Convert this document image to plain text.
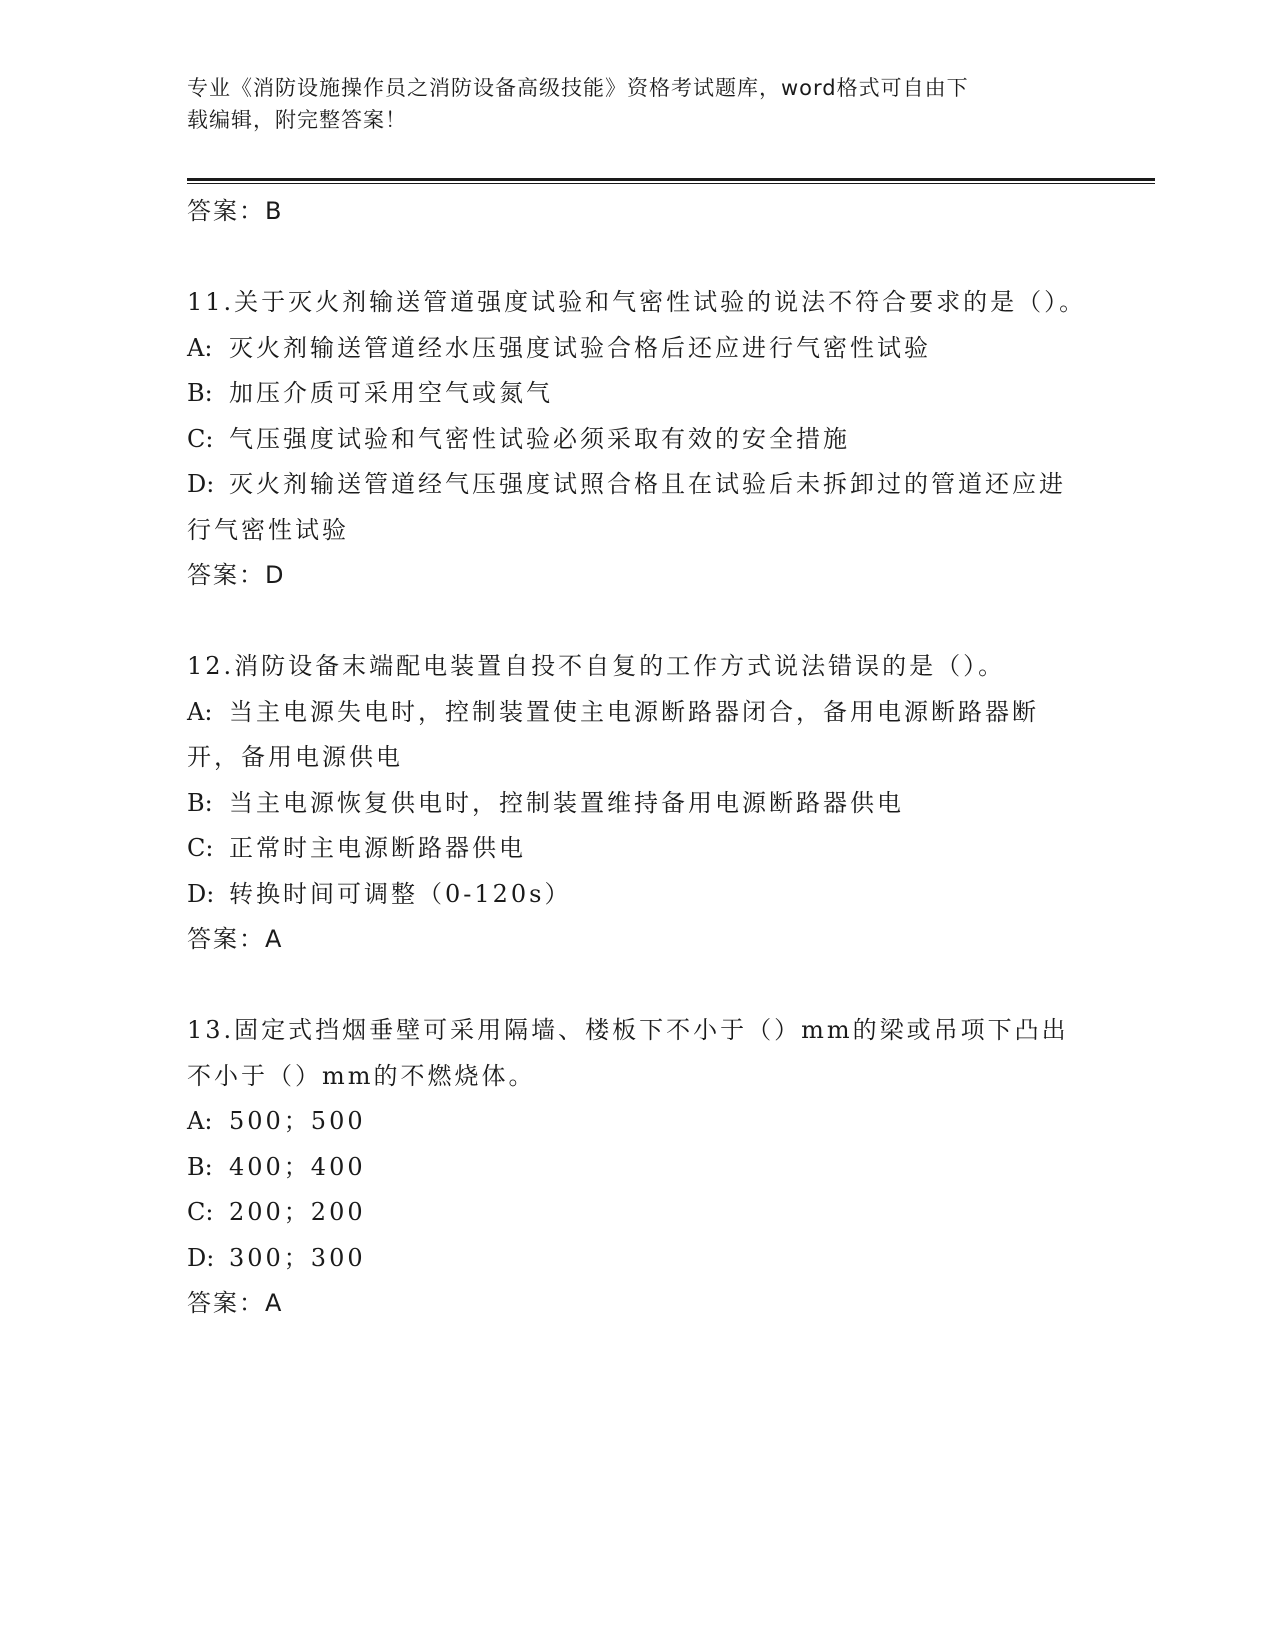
专业《消防设施操作员之消防设备高级技能》资格考试题库，word格式可自由下
载编辑，附完整答案！
答案：B
11.关于灭火剂输送管道强度试验和气密性试验的说法不符合要求的是（）。
A: 灭火剂输送管道经水压强度试验合格后还应进行气密性试验
B: 加压介质可采用空气或氮气
C: 气压强度试验和气密性试验必须采取有效的安全措施
D: 灭火剂输送管道经气压强度试照合格且在试验后未拆卸过的管道还应进行气密性试验
答案：D
12.消防设备末端配电装置自投不自复的工作方式说法错误的是（）。
A: 当主电源失电时，控制装置使主电源断路器闭合，备用电源断路器断开，备用电源供电
B: 当主电源恢复供电时，控制装置维持备用电源断路器供电
C: 正常时主电源断路器供电
D: 转换时间可调整（0-120s）
答案：A
13.固定式挡烟垂壁可采用隔墙、楼板下不小于（）mm的梁或吊项下凸出不小于（）mm的不燃烧体。
A: 500；500
B: 400；400
C: 200；200
D: 300；300
答案：A
